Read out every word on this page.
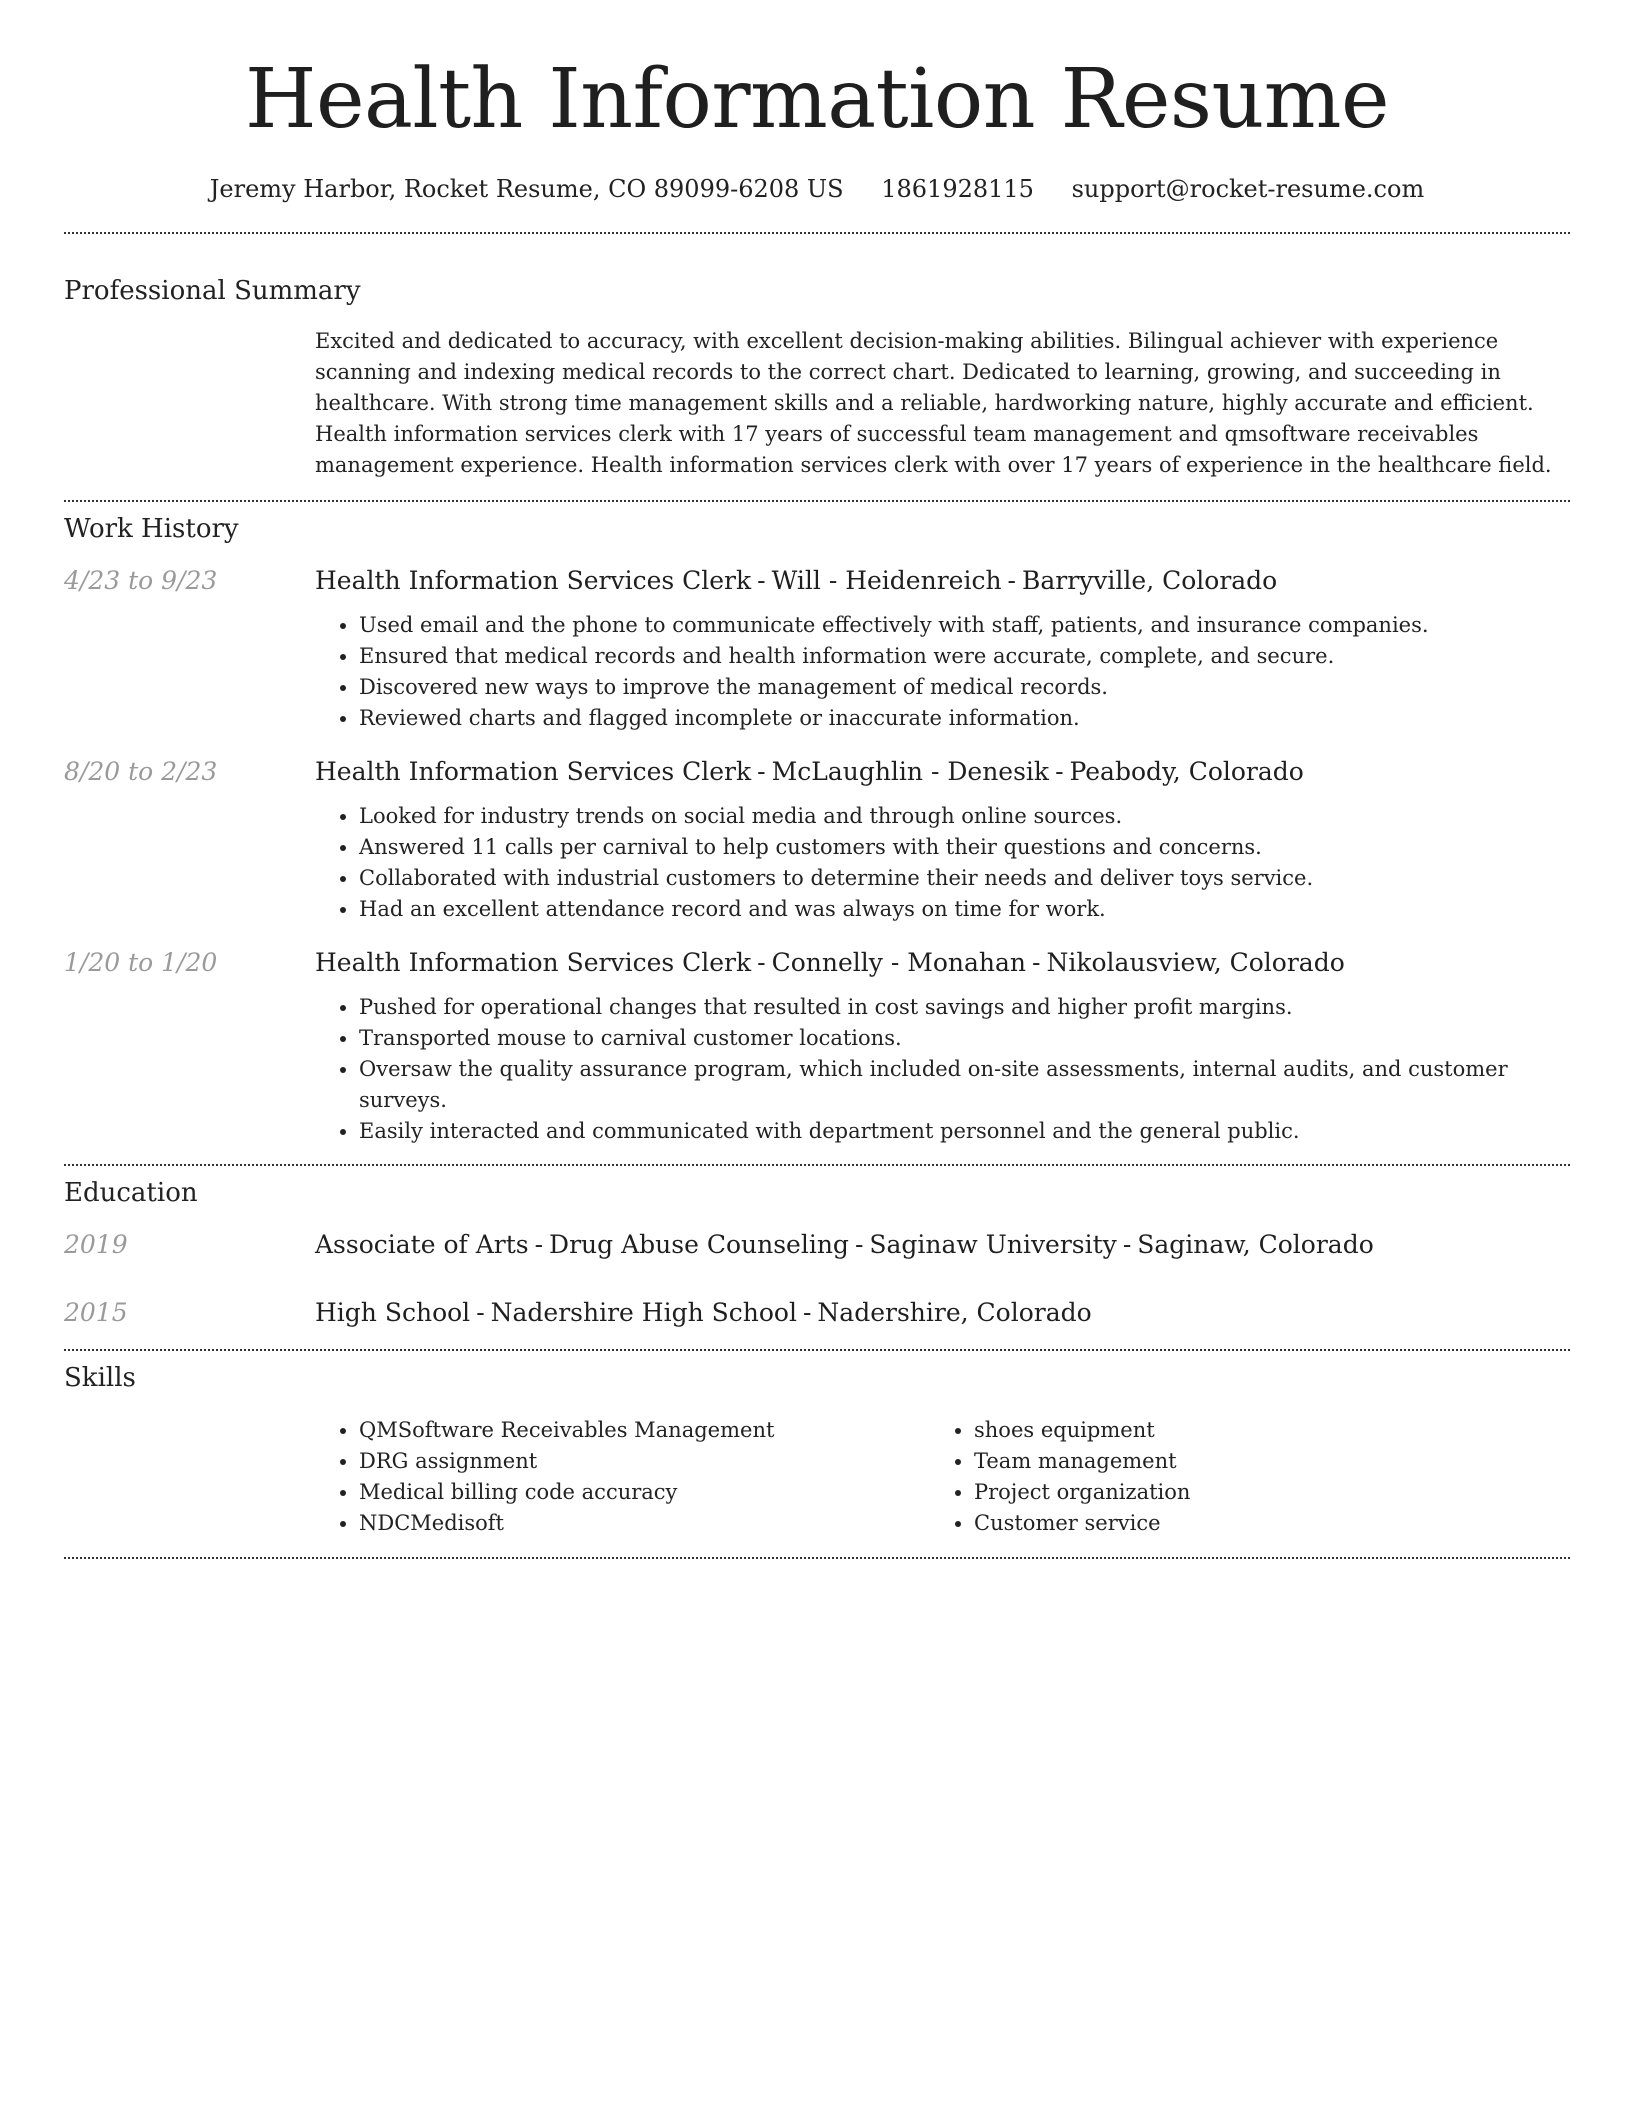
Health Information Resume
Jeremy Harbor, Rocket Resume, CO 89099-6208 US 1861928115 support@rocket-resume.com
Professional Summary

Excited and dedicated to accuracy, with excellent decision-making abilities. Bilingual achiever with experience scanning and indexing medical records to the correct chart. Dedicated to learning, growing, and succeeding in healthcare. With strong time management skills and a reliable, hardworking nature, highly accurate and efficient. Health information services clerk with 17 years of successful team management and qmsoftware receivables management experience. Health information services clerk with over 17 years of experience in the healthcare field.

Work History
4/23 to 9/23	Health Information Services Clerk - Will - Heidenreich - Barryville, Colorado
• Used email and the phone to communicate effectively with staff, patients, and insurance companies.
• Ensured that medical records and health information were accurate, complete, and secure.
• Discovered new ways to improve the management of medical records.
• Reviewed charts and flagged incomplete or inaccurate information.
8/20 to 2/23	Health Information Services Clerk - McLaughlin - Denesik - Peabody, Colorado
• Looked for industry trends on social media and through online sources.
• Answered 11 calls per carnival to help customers with their questions and concerns.
• Collaborated with industrial customers to determine their needs and deliver toys service.
• Had an excellent attendance record and was always on time for work.
1/20 to 1/20	Health Information Services Clerk - Connelly - Monahan - Nikolausview, Colorado
• Pushed for operational changes that resulted in cost savings and higher profit margins.
• Transported mouse to carnival customer locations.
• Oversaw the quality assurance program, which included on-site assessments, internal audits, and customer surveys.
• Easily interacted and communicated with department personnel and the general public.
Education
2019	Associate of Arts - Drug Abuse Counseling - Saginaw University - Saginaw, Colorado
2015	High School - Nadershire High School - Nadershire, Colorado
Skills
• QMSoftware Receivables Management
• DRG assignment
• Medical billing code accuracy
• NDCMedisoft
• shoes equipment
• Team management
• Project organization
• Customer service
